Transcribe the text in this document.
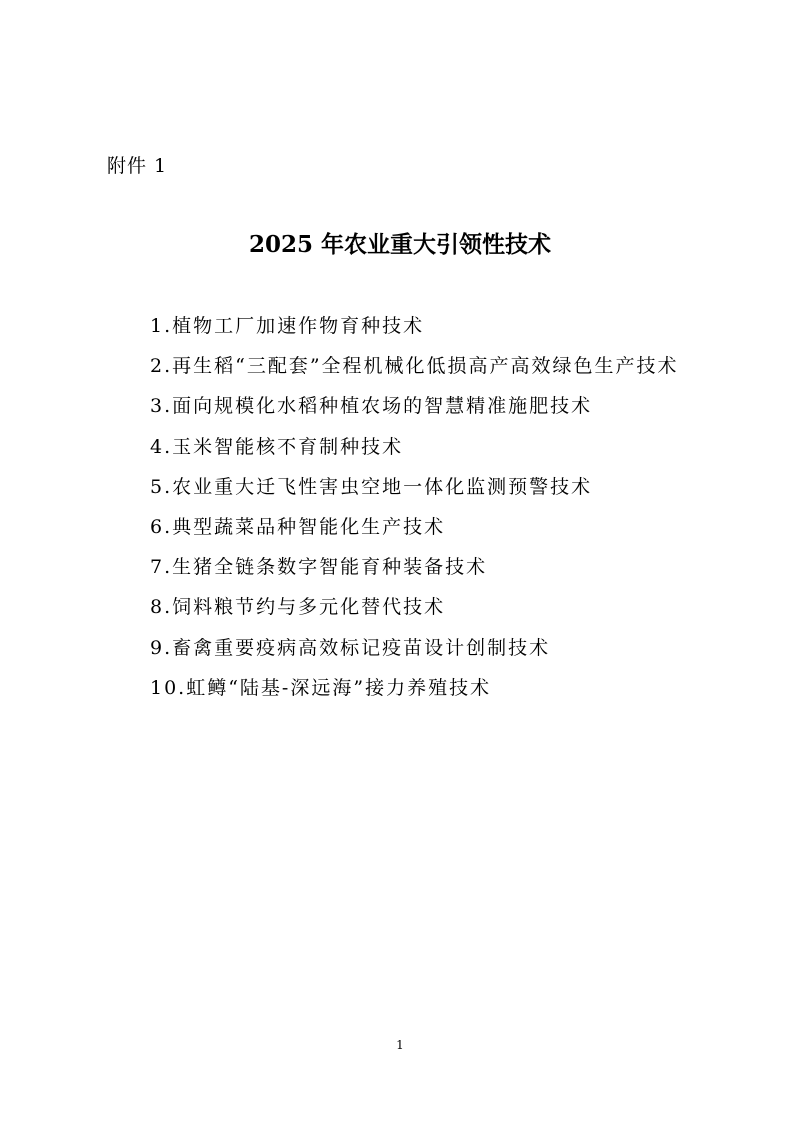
附件 1
2025 年农业重大引领性技术
1.植物工厂加速作物育种技术
2.再生稻“三配套”全程机械化低损高产高效绿色生产技术
3.面向规模化水稻种植农场的智慧精准施肥技术
4.玉米智能核不育制种技术
5.农业重大迁飞性害虫空地一体化监测预警技术
6.典型蔬菜品种智能化生产技术
7.生猪全链条数字智能育种装备技术
8.饲料粮节约与多元化替代技术
9.畜禽重要疫病高效标记疫苗设计创制技术
10.虹鳟“陆基-深远海”接力养殖技术
1
